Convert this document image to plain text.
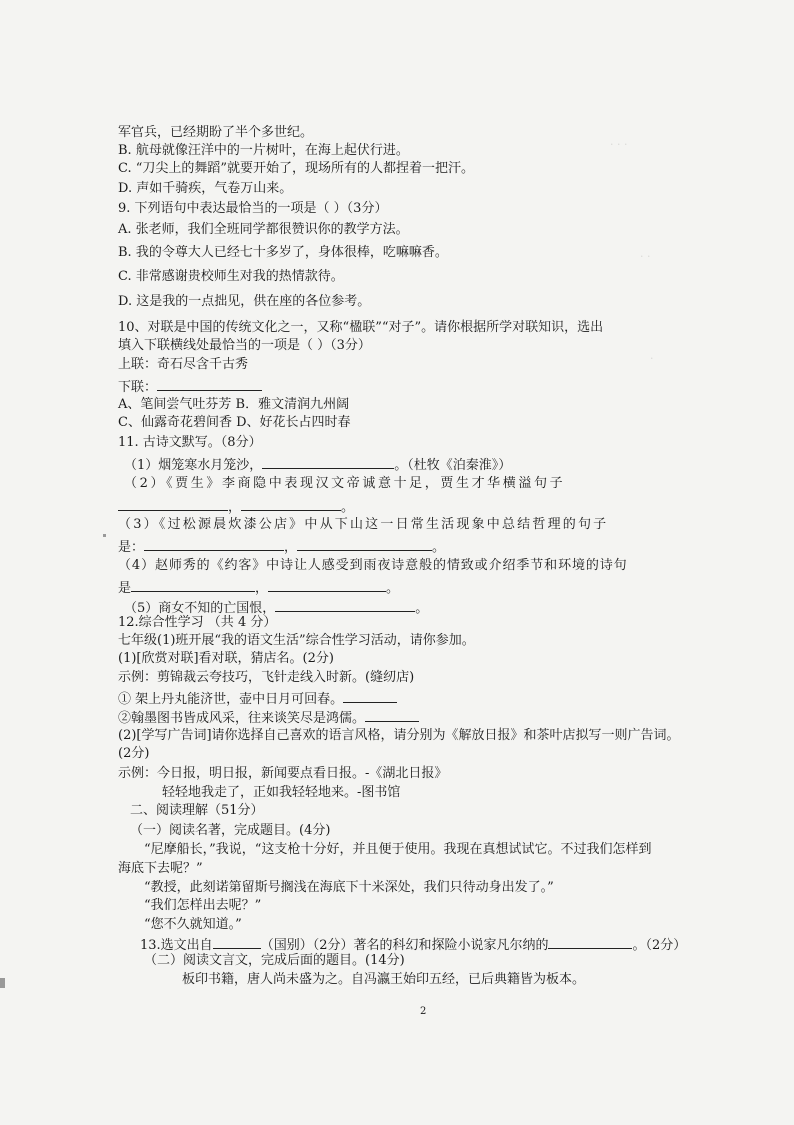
· · ·
· ·
·
军官兵，已经期盼了半个多世纪。
B. 航母就像汪洋中的一片树叶，在海上起伏行进。
C. “刀尖上的舞蹈”就要开始了，现场所有的人都捏着一把汗。
D. 声如千骑疾，气卷万山来。
9. 下列语句中表达最恰当的一项是（ ）（3分）
A. 张老师，我们全班同学都很赞识你的教学方法。
B. 我的令尊大人已经七十多岁了，身体很棒，吃嘛嘛香。
C. 非常感谢贵校师生对我的热情款待。
D. 这是我的一点拙见，供在座的各位参考。
10、对联是中国的传统文化之一，又称“楹联”“对子”。请你根据所学对联知识，选出
填入下联横线处最恰当的一项是（ ）（3分）
上联：奇石尽含千古秀
下联：
A、笔间尝气吐芬芳 B．雅文清润九州阔
C、仙露奇花碧间香 D、好花长占四时春
11. 古诗文默写。（8分）
（1）烟笼寒水月笼沙，	。（杜牧《泊秦淮》）
（2）《贾生》李商隐中表现汉文帝诚意十足，贾生才华横溢句子
，	。
（3）《过松源晨炊漆公店》中从下山这一日常生活现象中总结哲理的句子
是：	，	。
（4）赵师秀的《约客》中诗让人感受到雨夜诗意般的情致或介绍季节和环境的诗句
是	，	。
（5）商女不知的亡国恨，	。
12.综合性学习 （共 4 分）
七年级(1)班开展“我的语文生活”综合性学习活动，请你参加。
(1)[欣赏对联]看对联，猜店名。(2分)
示例：剪锦裁云夸技巧，飞针走线入时新。(缝纫店)
① 架上丹丸能济世，壶中日月可回春。
②翰墨图书皆成风采，往来谈笑尽是鸿儒。
(2)[学写广告词]请你选择自己喜欢的语言风格，请分别为《解放日报》和茶叶店拟写一则广告词。
(2分)
示例：今日报，明日报，新闻要点看日报。-《湖北日报》
轻轻地我走了，正如我轻轻地来。-图书馆
二、阅读理解（51分）
（一）阅读名著，完成题目。(4分)
“尼摩船长，”我说，“这支枪十分好，并且便于使用。我现在真想试试它。不过我们怎样到
海底下去呢？”
“教授，此刻诺第留斯号搁浅在海底下十米深处，我们只待动身出发了。”
“我们怎样出去呢？”
“您不久就知道。”
13.选文出自	（国别）（2分）著名的科幻和探险小说家凡尔纳的	。（2分）
（二）阅读文言文，完成后面的题目。(14分)
板印书籍，唐人尚未盛为之。自冯瀛王始印五经，已后典籍皆为板本。
2
